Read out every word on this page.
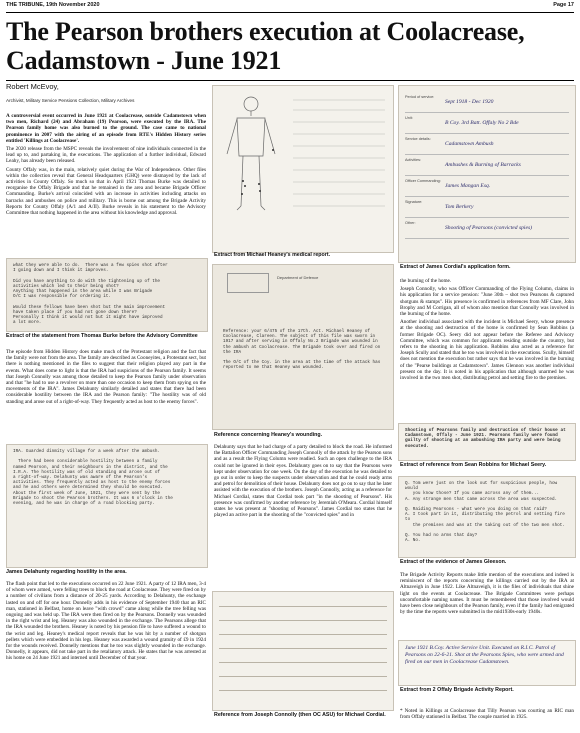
THE TRIBUNE, 19th November 2020	Page 17
The Pearson brothers execution at Coolacrease, Cadamstown - June 1921
Robert McEvoy,
Archivist, Military Service Pensions Collection, Military Archives

A controversial event occurred in June 1921 at Coolacrease, outside Cadamstown when two men, Richard (24) and Abraham (19) Pearson, were executed by the IRA. The Pearson family home was also burned to the ground. The case came to national prominence in 2007 with the airing of an episode from RTE's Hidden History series entitled 'Killings at Coolacrease'.

The 2020 release from the MSPC reveals the involvement of nine individuals connected in the lead up to, and partaking in, the executions. The application of a further individual, Edward Leahy, has already been released.

County Offaly was, in the main, relatively quiet during the War of Independence. Other files within the collection reveal that General Headquarters (GHQ) were dismayed by the lack of activities in County Offaly. So much so that in April 1921 Thomas Burke was detailed to reorganise the Offaly Brigade and that he remained in the area and became Brigade Officer Commanding. Burke's arrival coincided with an increase in activities including attacks on barracks and ambushes on police and military. This is borne out among the Brigade Activity Reports for County Offaly (A/1 and A/II). Burke reveals in his statement to the Advisory Committee that nothing happened in the area without his knowledge and approval.

what they were able to do.  There was a few spies shot after
I going down and I think it improves.

Did you have anything to do with the tightening up of the
activities which led to their being shot?
Anything that happened in the area while I was Brigade
O/C I was responsible for ordering it.

Would these fellows have been shot but the main improvement
have taken place if you had not gone down there?
Personally I think it would not but it might have improved
a lot more.
Extract of the statement from Thomas Burke before the Advisory Committee

The episode from Hidden History does make much of the Protestant religion and the fact that the family were not from the area. The family are described as Cooneyites, a Protestant sect, but there is nothing mentioned in the files to suggest that their religion played any part in the events. What does come to light is that the IRA had suspicions of the Pearson family. It seems that Joseph Connolly was among those detailed to keep the Pearson family under observation and that "he had to use a revolver on more than one occasion to keep them from spying on the movements of the IRA". James Delahunty similarly detailed and states that there had been considerable hostility between the IRA and the Pearson family: "The hostility was of old standing and arose out of a right-of-way. They frequently acted as host to the enemy forces".

IRA. Guarded dinmity village for a week after the ambush.

There had been considerable hostility between a family
named Pearson, and their neighbours in the district, and the
I.R.A. The hostility was of old standing and arose out of
a right-of-way. Delahunty was aware of the Pearson's
activities. They frequently acted as host to the enemy forces
and he and others were determined they should be executed.
About the first week of June, 1921, they were sent by the
Brigade to shoot the Pearson brothers. It was 6 o'clock in the
evening, and he was in charge of a road blocking party.
James Delahunty regarding hostility in the area.

The flash point that led to the executions occurred on 22 June 1921. A party of 12 IRA men, 3-4 of whom were armed, were felling trees to block the road at Coolacrease. They were fired on by a number of civilians from a distance of 20-25 yards. According to Delahunty, the exchange lasted on and off for one hour. Donnelly adds in his evidence of September 1940 that an RIC man, stationed in Belfast, home on leave "with crowd" came along while the tree felling was ongoing and was held up. The IRA were then fired on by the Pearsons. Donnelly was wounded in the right wrist and leg. Heaney was also wounded in the exchange. The Pearsons allege that the IRA wounded the brothers. Heaney is noted by his pension file to have suffered a wound to the wrist and leg. Heaney's medical report reveals that he was hit by a number of shotgun pellets which were embedded in his legs. Heaney was awarded a wound gratuity of £9 in 1924 for the wounds received. Donnelly mentions that he too was slightly wounded in the exchange. Donnelly, it appears, did not take part in the retaliatory attack. He states that he was arrested at his home on 24 June 1921 and interned until December of that year.

Extract from Michael Heaney's medical report.
Department of Defence
Reference: your 6/475 of the 17th. Act. Michael Heaney of Coolacrease, Clareen. The subject of this file was sworn in 1917 and after serving in Offaly No.2 Brigade was wounded in the ambush at Coolacrease. The Brigade took over and fired on the IRA

The O/C of the Coy. in the area at the time of the attack has reported to me that Heaney was wounded.
Reference concerning Heaney's wounding.

Delahunty says that he had charge of a party detailed to block the road. He informed the Battalion Officer Commanding Joseph Connolly of the attack by the Pearson sons and as a result the Flying Column were readied. Such an open challenge to the IRA could not be ignored in their eyes. Delahunty goes on to say that the Pearsons were kept under observation for one week. On the day of the execution he was detailed to go out in order to keep the suspects under observation and that he could ready arms and petrol for demolition of their house. Delahunty does not go on to say that he later assisted with the execution of the brothers. Joseph Connolly, acting as a reference for Michael Cordial, states that Cordial took part "in the shooting of Pearsons". His presence was confirmed by another reference by Jeremiah O'Meara. Cordial himself states he was present at "shooting of Pearsons". James Cordial too states that he played an active part in the shooting of the "convicted spies" and in

Reference from Joseph Connolly (then OC ASU) for Michael Cordial.
Period of service:
Sept 1918 - Dec 1920
Unit:
B Coy. 3rd Batt. Offaly No 2 Bde
Service details:
Cadamstown Ambush
Activities:
Ambushes & Burning of Barracks
Officer Commanding:
James Mangan Esq.
Signature:
Tom Berkery
Other:
Shooting of Pearsons (convicted spies)
Extract of James Cordial's application form.

the burning of the home.

Joseph Connolly, who was Officer Commanding of the Flying Column, claims in his application for a service pension: "June 30th – shot two Pearsons & captured shotguns & stamps". His presence is confirmed in references from MF Clare, John Brophy and M Corrigan, all of whom also mention that Connolly was involved in the burning of the home.

Another individual associated with the incident is Michael Seery, whose presence at the shooting and destruction of the home is confirmed by Sean Robbins (a former Brigade OC). Seery did not appear before the Referee and Advisory Committee, which was common for applicants residing outside the country, but refers to the shooting in his application. Robbins also acted as a reference for Joseph Scully and stated that he too was involved in the executions. Scully, himself does not mention the execution but rather says that he was involved in the burning of the "Pearse buildings at Cadamstown". James Glennon was another individual present on the day. It is noted in his application that although unarmed he was involved in the two men shot, distributing petrol and setting fire to the premises.

Shooting of Pearsons family and destruction of their house at Cadamstown, Offaly - June 1921. Pearsons family were found guilty of shooting at an ambushing IRA party and were being executed.
Extract of reference from Sean Robbins for Michael Seery.
Q. Tom were just on the look out for suspicious people, how would
you know those? If you came across any of them...
A. Any strange men that came across the area was suspected.

Q. Raiding Pearsons - what were you doing on that raid?
A. I took part in it, distributing the petrol and setting fire to
the premises and was at the taking out of the two men shot.

Q. You had no arms that day?
A. No.
Extract of the evidence of James Gleeson.

The Brigade Activity Reports make little mention of the executions and indeed is reminiscent of the reports concerning the killings carried out by the IRA at Altnaveigh in June 1922. Like Altnaveigh, it is the files of individuals that shine light on the events at Coolacrease. The Brigade Committees were perhaps uncomfortable naming names. It must be remembered that those involved would have been close neighbours of the Pearson family, even if the family had emigrated by the time the reports were submitted in the mid1930s-early 1940s.

June 1921 B.Coy. Active Service Unit. Executed on R.I.C. Patrol of Pearsons on 22-6-21. Shot at the Pearsons Spies, who were armed and fired on our men in Coolacrease Cadamstown.
Extract from 2 Offaly Brigade Activity Report.
* Noted in Killings at Coolacrease that Tilly Pearson was courting an RIC man from Offaly stationed in Belfast. The couple married in 1925.
